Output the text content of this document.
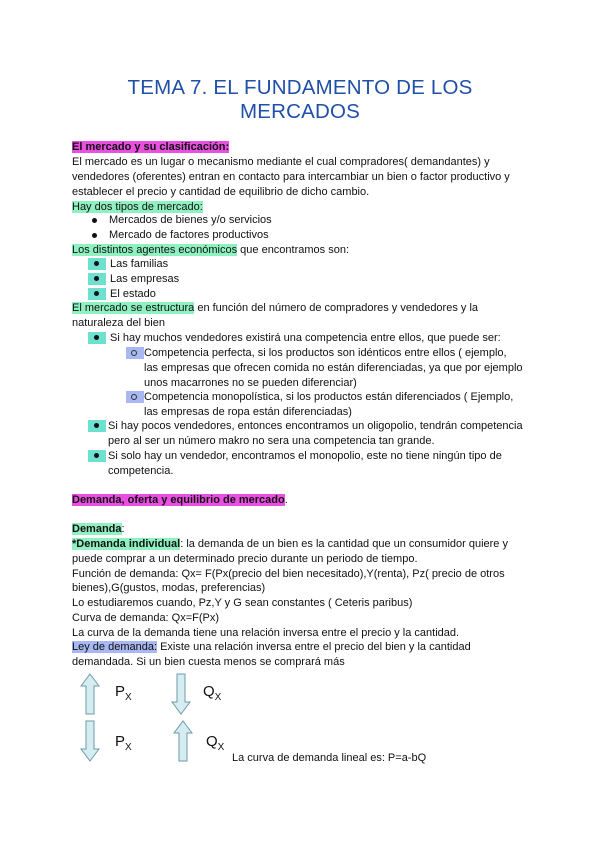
TEMA 7. EL FUNDAMENTO DE LOS
MERCADOS
El mercado y su clasificación:
El mercado es un lugar o mecanismo mediante el cual compradores( demandantes) y
vendedores (oferentes) entran en contacto para intercambiar un bien o factor productivo y
establecer el precio y cantidad de equilibrio de dicho cambio.
Hay dos tipos de mercado:
Mercados de bienes y/o servicios
Mercado de factores productivos
Los distintos agentes económicos que encontramos son:
Las familias
Las empresas
El estado
El mercado se estructura en función del número de compradores y vendedores y la
naturaleza del bien
Si hay muchos vendedores existirá una competencia entre ellos, que puede ser:
Competencia perfecta, si los productos son idénticos entre ellos ( ejemplo,
las empresas que ofrecen comida no están diferenciadas, ya que por ejemplo
unos macarrones no se pueden diferenciar)
Competencia monopolística, si los productos están diferenciados ( Ejemplo,
las empresas de ropa están diferenciadas)
Si hay pocos vendedores, entonces encontramos un oligopolio, tendrán competencia
pero al ser un número makro no sera una competencia tan grande.
Si solo hay un vendedor, encontramos el monopolio, este no tiene ningún tipo de
competencia.
Demanda, oferta y equilibrio de mercado.
Demanda:
*Demanda individual: la demanda de un bien es la cantidad que un consumidor quiere y
puede comprar a un determinado precio durante un periodo de tiempo.
Función de demanda: Qx= F(Px(precio del bien necesitado),Y(renta), Pz( precio de otros
bienes),G(gustos, modas, preferencias)
Lo estudiaremos cuando, Pz,Y y G sean constantes ( Ceteris paribus)
Curva de demanda: Qx=F(Px)
La curva de la demanda tiene una relación inversa entre el precio y la cantidad.
Ley de demanda: Existe una relación inversa entre el precio del bien y la cantidad
demandada. Si un bien cuesta menos se comprará más
$P_X$	$Q_X$
$P_X$	$Q_X$
La curva de demanda lineal es: P=a-bQ
